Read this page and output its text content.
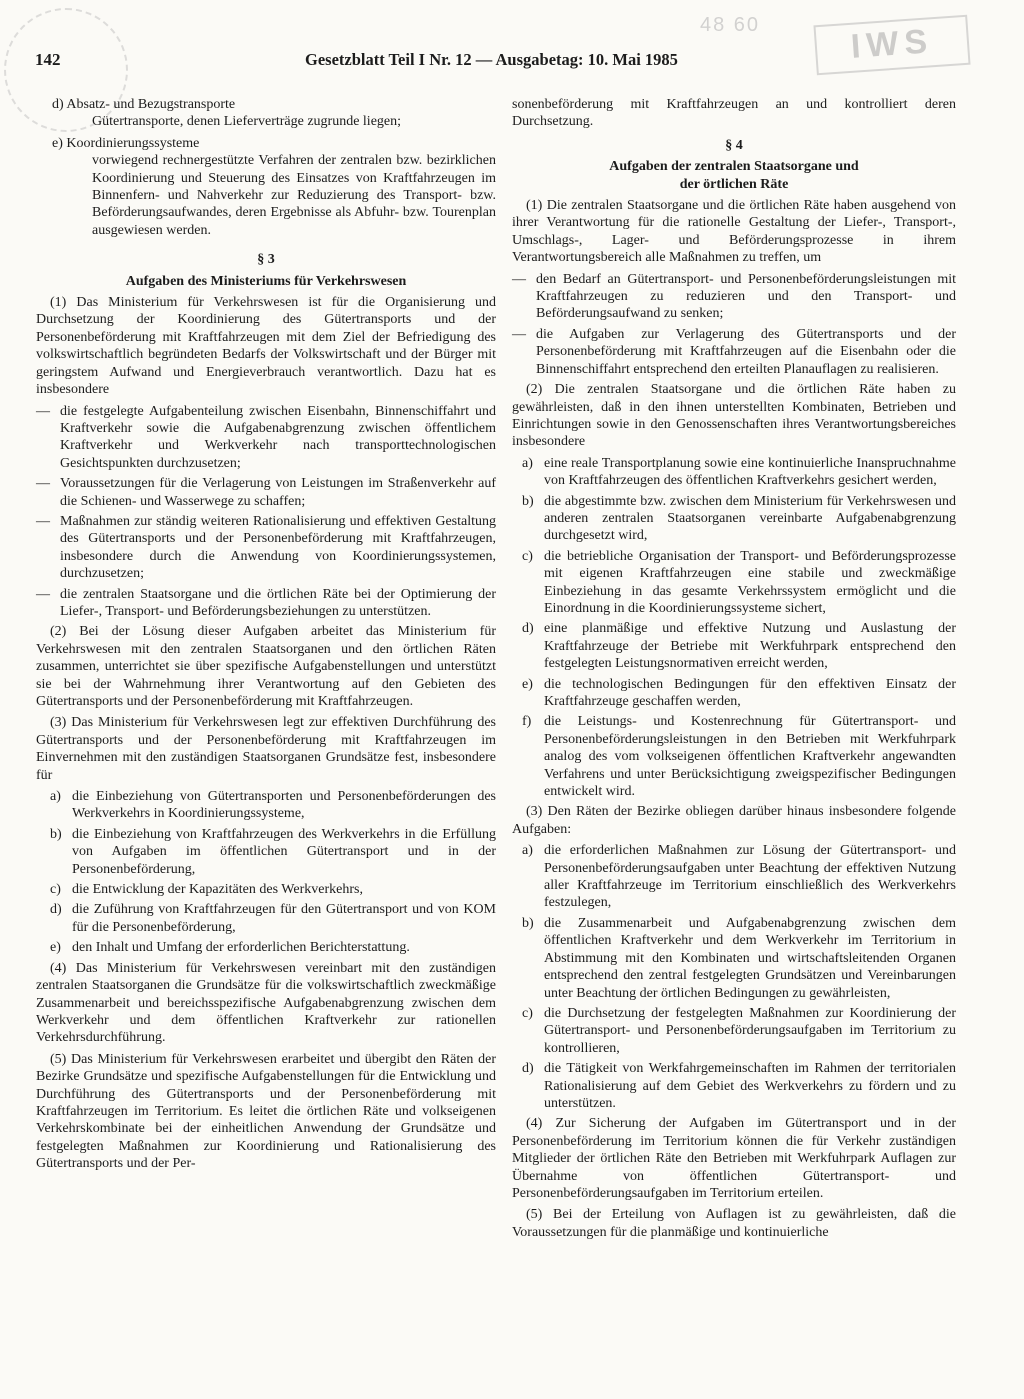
48 60	IWS
142	Gesetzblatt Teil I Nr. 12 — Ausgabetag: 10. Mai 1985

d) Absatz- und Bezugstransporte

Gütertransporte, denen Lieferverträge zugrunde liegen;

e) Koordinierungssysteme

vorwiegend rechnergestützte Verfahren der zentralen bzw. bezirklichen Koordinierung und Steuerung des Einsatzes von Kraftfahrzeugen im Binnenfern- und Nahverkehr zur Reduzierung des Transport- bzw. Beförderungsaufwandes, deren Ergebnisse als Abfuhr- bzw. Tourenplan ausgewiesen werden.

§ 3
Aufgaben des Ministeriums für Verkehrswesen

(1) Das Ministerium für Verkehrswesen ist für die Organisierung und Durchsetzung der Koordinierung des Gütertransports und der Personenbeförderung mit Kraftfahrzeugen mit dem Ziel der Befriedigung des volkswirtschaftlich begründeten Bedarfs der Volkswirtschaft und der Bürger mit geringstem Aufwand und Energieverbrauch verantwortlich. Dazu hat es insbesondere

— die festgelegte Aufgabenteilung zwischen Eisenbahn, Binnenschiffahrt und Kraftverkehr sowie die Aufgabenabgrenzung zwischen öffentlichem Kraftverkehr und Werkverkehr nach transporttechnologischen Gesichtspunkten durchzusetzen;
— Voraussetzungen für die Verlagerung von Leistungen im Straßenverkehr auf die Schienen- und Wasserwege zu schaffen;
— Maßnahmen zur ständig weiteren Rationalisierung und effektiven Gestaltung des Gütertransports und der Personenbeförderung mit Kraftfahrzeugen, insbesondere durch die Anwendung von Koordinierungssystemen, durchzusetzen;
— die zentralen Staatsorgane und die örtlichen Räte bei der Optimierung der Liefer-, Transport- und Beförderungsbeziehungen zu unterstützen.

(2) Bei der Lösung dieser Aufgaben arbeitet das Ministerium für Verkehrswesen mit den zentralen Staatsorganen und den örtlichen Räten zusammen, unterrichtet sie über spezifische Aufgabenstellungen und unterstützt sie bei der Wahrnehmung ihrer Verantwortung auf den Gebieten des Gütertransports und der Personenbeförderung mit Kraftfahrzeugen.

(3) Das Ministerium für Verkehrswesen legt zur effektiven Durchführung des Gütertransports und der Personenbeförderung mit Kraftfahrzeugen im Einvernehmen mit den zuständigen Staatsorganen Grundsätze fest, insbesondere für

a) die Einbeziehung von Gütertransporten und Personenbeförderungen des Werkverkehrs in Koordinierungssysteme,
b) die Einbeziehung von Kraftfahrzeugen des Werkverkehrs in die Erfüllung von Aufgaben im öffentlichen Gütertransport und in der Personenbeförderung,
c) die Entwicklung der Kapazitäten des Werkverkehrs,
d) die Zuführung von Kraftfahrzeugen für den Gütertransport und von KOM für die Personenbeförderung,
e) den Inhalt und Umfang der erforderlichen Berichterstattung.

(4) Das Ministerium für Verkehrswesen vereinbart mit den zuständigen zentralen Staatsorganen die Grundsätze für die volkswirtschaftlich zweckmäßige Zusammenarbeit und bereichsspezifische Aufgabenabgrenzung zwischen dem Werkverkehr und dem öffentlichen Kraftverkehr zur rationellen Verkehrsdurchführung.

(5) Das Ministerium für Verkehrswesen erarbeitet und übergibt den Räten der Bezirke Grundsätze und spezifische Aufgabenstellungen für die Entwicklung und Durchführung des Gütertransports und der Personenbeförderung mit Kraftfahrzeugen im Territorium. Es leitet die örtlichen Räte und volkseigenen Verkehrskombinate bei der einheitlichen Anwendung der Grundsätze und festgelegten Maßnahmen zur Koordinierung und Rationalisierung des Gütertransports und der Per-

sonenbeförderung mit Kraftfahrzeugen an und kontrolliert deren Durchsetzung.

§ 4
Aufgaben der zentralen Staatsorgane und
der örtlichen Räte

(1) Die zentralen Staatsorgane und die örtlichen Räte haben ausgehend von ihrer Verantwortung für die rationelle Gestaltung der Liefer-, Transport-, Umschlags-, Lager- und Beförderungsprozesse in ihrem Verantwortungsbereich alle Maßnahmen zu treffen, um

— den Bedarf an Gütertransport- und Personenbeförderungsleistungen mit Kraftfahrzeugen zu reduzieren und den Transport- und Beförderungsaufwand zu senken;
— die Aufgaben zur Verlagerung des Gütertransports und der Personenbeförderung mit Kraftfahrzeugen auf die Eisenbahn oder die Binnenschiffahrt entsprechend den erteilten Planauflagen zu realisieren.

(2) Die zentralen Staatsorgane und die örtlichen Räte haben zu gewährleisten, daß in den ihnen unterstellten Kombinaten, Betrieben und Einrichtungen sowie in den Genossenschaften ihres Verantwortungsbereiches insbesondere

a) eine reale Transportplanung sowie eine kontinuierliche Inanspruchnahme von Kraftfahrzeugen des öffentlichen Kraftverkehrs gesichert werden,
b) die abgestimmte bzw. zwischen dem Ministerium für Verkehrswesen und anderen zentralen Staatsorganen vereinbarte Aufgabenabgrenzung durchgesetzt wird,
c) die betriebliche Organisation der Transport- und Beförderungsprozesse mit eigenen Kraftfahrzeugen eine stabile und zweckmäßige Einbeziehung in das gesamte Verkehrssystem ermöglicht und die Einordnung in die Koordinierungssysteme sichert,
d) eine planmäßige und effektive Nutzung und Auslastung der Kraftfahrzeuge der Betriebe mit Werkfuhrpark entsprechend den festgelegten Leistungsnormativen erreicht werden,
e) die technologischen Bedingungen für den effektiven Einsatz der Kraftfahrzeuge geschaffen werden,
f) die Leistungs- und Kostenrechnung für Gütertransport- und Personenbeförderungsleistungen in den Betrieben mit Werkfuhrpark analog des vom volkseigenen öffentlichen Kraftverkehr angewandten Verfahrens und unter Berücksichtigung zweigspezifischer Bedingungen entwickelt wird.

(3) Den Räten der Bezirke obliegen darüber hinaus insbesondere folgende Aufgaben:

a) die erforderlichen Maßnahmen zur Lösung der Gütertransport- und Personenbeförderungsaufgaben unter Beachtung der effektiven Nutzung aller Kraftfahrzeuge im Territorium einschließlich des Werkverkehrs festzulegen,
b) die Zusammenarbeit und Aufgabenabgrenzung zwischen dem öffentlichen Kraftverkehr und dem Werkverkehr im Territorium in Abstimmung mit den Kombinaten und wirtschaftsleitenden Organen entsprechend den zentral festgelegten Grundsätzen und Vereinbarungen unter Beachtung der örtlichen Bedingungen zu gewährleisten,
c) die Durchsetzung der festgelegten Maßnahmen zur Koordinierung der Gütertransport- und Personenbeförderungsaufgaben im Territorium zu kontrollieren,
d) die Tätigkeit von Werkfahrgemeinschaften im Rahmen der territorialen Rationalisierung auf dem Gebiet des Werkverkehrs zu fördern und zu unterstützen.

(4) Zur Sicherung der Aufgaben im Gütertransport und in der Personenbeförderung im Territorium können die für Verkehr zuständigen Mitglieder der örtlichen Räte den Betrieben mit Werkfuhrpark Auflagen zur Übernahme von öffentlichen Gütertransport- und Personenbeförderungsaufgaben im Territorium erteilen.

(5) Bei der Erteilung von Auflagen ist zu gewährleisten, daß die Voraussetzungen für die planmäßige und kontinuierliche
